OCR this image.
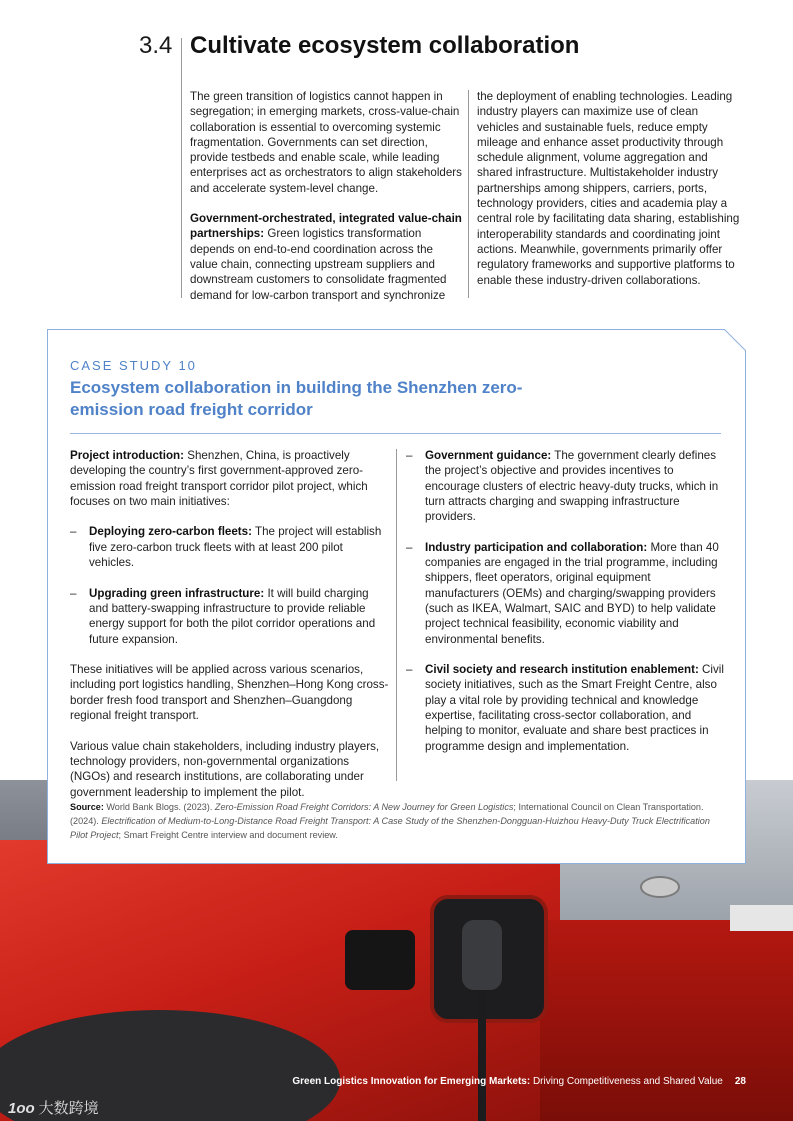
3.4 Cultivate ecosystem collaboration

The green transition of logistics cannot happen in segregation; in emerging markets, cross-value-chain collaboration is essential to overcoming systemic fragmentation. Governments can set direction, provide testbeds and enable scale, while leading enterprises act as orchestrators to align stakeholders and accelerate system-level change.

Government-orchestrated, integrated value-chain partnerships: Green logistics transformation depends on end-to-end coordination across the value chain, connecting upstream suppliers and downstream customers to consolidate fragmented demand for low-carbon transport and synchronize

the deployment of enabling technologies. Leading industry players can maximize use of clean vehicles and sustainable fuels, reduce empty mileage and enhance asset productivity through schedule alignment, volume aggregation and shared infrastructure. Multistakeholder industry partnerships among shippers, carriers, ports, technology providers, cities and academia play a central role by facilitating data sharing, establishing interoperability standards and coordinating joint actions. Meanwhile, governments primarily offer regulatory frameworks and supportive platforms to enable these industry-driven collaborations.

CASE STUDY 10
Ecosystem collaboration in building the Shenzhen zero-emission road freight corridor

Project introduction: Shenzhen, China, is proactively developing the country’s first government-approved zero-emission road freight transport corridor pilot project, which focuses on two main initiatives:

– Deploying zero-carbon fleets: The project will establish five zero-carbon truck fleets with at least 200 pilot vehicles.
– Upgrading green infrastructure: It will build charging and battery-swapping infrastructure to provide reliable energy support for both the pilot corridor operations and future expansion.

These initiatives will be applied across various scenarios, including port logistics handling, Shenzhen–Hong Kong cross-border fresh food transport and Shenzhen–Guangdong regional freight transport.

Various value chain stakeholders, including industry players, technology providers, non-governmental organizations (NGOs) and research institutions, are collaborating under government leadership to implement the pilot.

– Government guidance: The government clearly defines the project’s objective and provides incentives to encourage clusters of electric heavy-duty trucks, which in turn attracts charging and swapping infrastructure providers.
– Industry participation and collaboration: More than 40 companies are engaged in the trial programme, including shippers, fleet operators, original equipment manufacturers (OEMs) and charging/swapping providers (such as IKEA, Walmart, SAIC and BYD) to help validate project technical feasibility, economic viability and environmental benefits.
– Civil society and research institution enablement: Civil society initiatives, such as the Smart Freight Centre, also play a vital role by providing technical and knowledge expertise, facilitating cross-sector collaboration, and helping to monitor, evaluate and share best practices in programme design and implementation.
Source: World Bank Blogs. (2023). Zero-Emission Road Freight Corridors: A New Journey for Green Logistics; International Council on Clean Transportation. (2024). Electrification of Medium-to-Long-Distance Road Freight Transport: A Case Study of the Shenzhen-Dongguan-Huizhou Heavy-Duty Truck Electrification Pilot Project; Smart Freight Centre interview and document review.
Green Logistics Innovation for Emerging Markets: Driving Competitiveness and Shared Value 28
1oo 大数跨境
